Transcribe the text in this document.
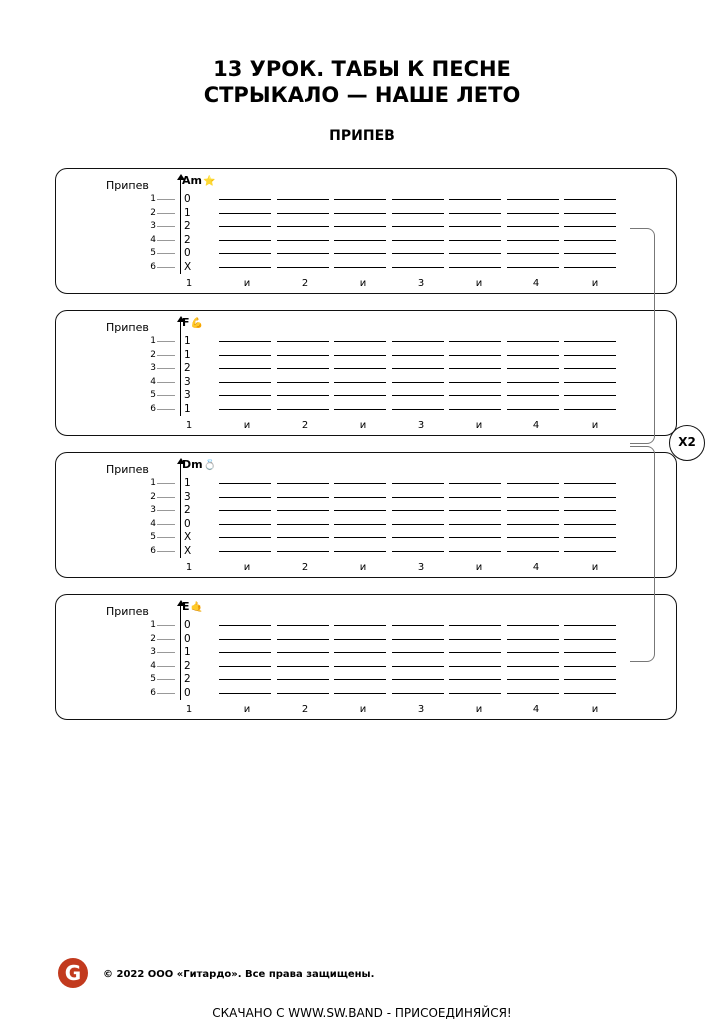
13 УРОК. ТАБЫ К ПЕСНЕ
СТРЫКАЛО — НАШЕ ЛЕТО
ПРИПЕВ
Припев	Am⭐
1	0
2	1
3	2
4	2
5	0
6	X
1	и	2	и	3	и	4	и
Припев	F💪
1	1
2	1
3	2
4	3
5	3
6	1
1	и	2	и	3	и	4	и
Припев	Dm💍
1	1
2	3
3	2
4	0
5	X
6	X
1	и	2	и	3	и	4	и
Припев	E🤙
1	0
2	0
3	1
4	2
5	2
6	0
1	и	2	и	3	и	4	и
X2
G	© 2022 ООО «Гитардо». Все права защищены.
СКАЧАНО С WWW.SW.BAND - ПРИСОЕДИНЯЙСЯ!
